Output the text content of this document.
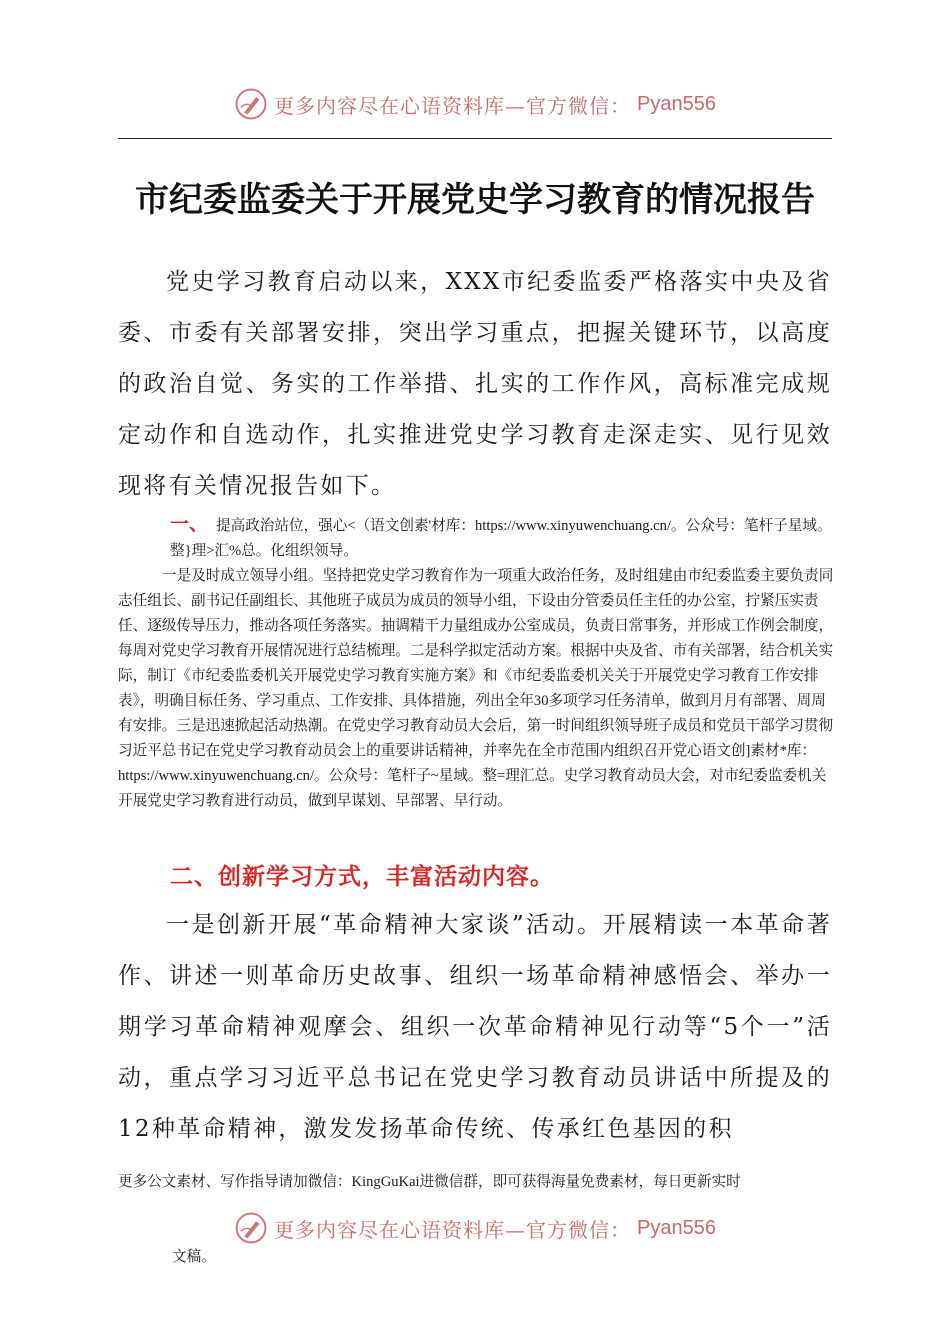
更多内容尽在心语资料库—官方微信： Pyan556
市纪委监委关于开展党史学习教育的情况报告

党史学习教育启动以来，XXX市纪委监委严格落实中央及省委、市委有关部署安排，突出学习重点，把握关键环节，以高度的政治自觉、务实的工作举措、扎实的工作作风，高标准完成规定动作和自选动作，扎实推进党史学习教育走深走实、见行见效现将有关情况报告如下。

一、 提高政治站位，强心<（语文创素'材库：https://www.xinyuwenchuang.cn/。公众号：笔杆子星域。整}理>汇%总。化组织领导。

一是及时成立领导小组。坚持把党史学习教育作为一项重大政治任务，及时组建由市纪委监委主要负责同志任组长、副书记任副组长、其他班子成员为成员的领导小组，下设由分管委员任主任的办公室，拧紧压实责任、逐级传导压力，推动各项任务落实。抽调精干力量组成办公室成员，负责日常事务，并形成工作例会制度，每周对党史学习教育开展情况进行总结梳理。二是科学拟定活动方案。根据中央及省、市有关部署，结合机关实际，制订《市纪委监委机关开展党史学习教育实施方案》和《市纪委监委机关关于开展党史学习教育工作安排表》，明确目标任务、学习重点、工作安排、具体措施，列出全年30多项学习任务清单，做到月月有部署、周周有安排。三是迅速掀起活动热潮。在党史学习教育动员大会后，第一时间组织领导班子成员和党员干部学习贯彻习近平总书记在党史学习教育动员会上的重要讲话精神，并率先在全市范围内组织召开党心语文创]素材*库：https://www.xinyuwenchuang.cn/。公众号：笔杆子~星域。整=理汇总。史学习教育动员大会，对市纪委监委机关开展党史学习教育进行动员，做到早谋划、早部署、早行动。

二、创新学习方式，丰富活动内容。

一是创新开展“革命精神大家谈”活动。开展精读一本革命著作、讲述一则革命历史故事、组织一场革命精神感悟会、举办一期学习革命精神观摩会、组织一次革命精神见行动等“5个一”活动，重点学习习近平总书记在党史学习教育动员讲话中所提及的12种革命精神，激发发扬革命传统、传承红色基因的积

更多公文素材、写作指导请加微信：KingGuKai进微信群，即可获得海量免费素材，每日更新实时
更多内容尽在心语资料库—官方微信： Pyan556
文稿。
